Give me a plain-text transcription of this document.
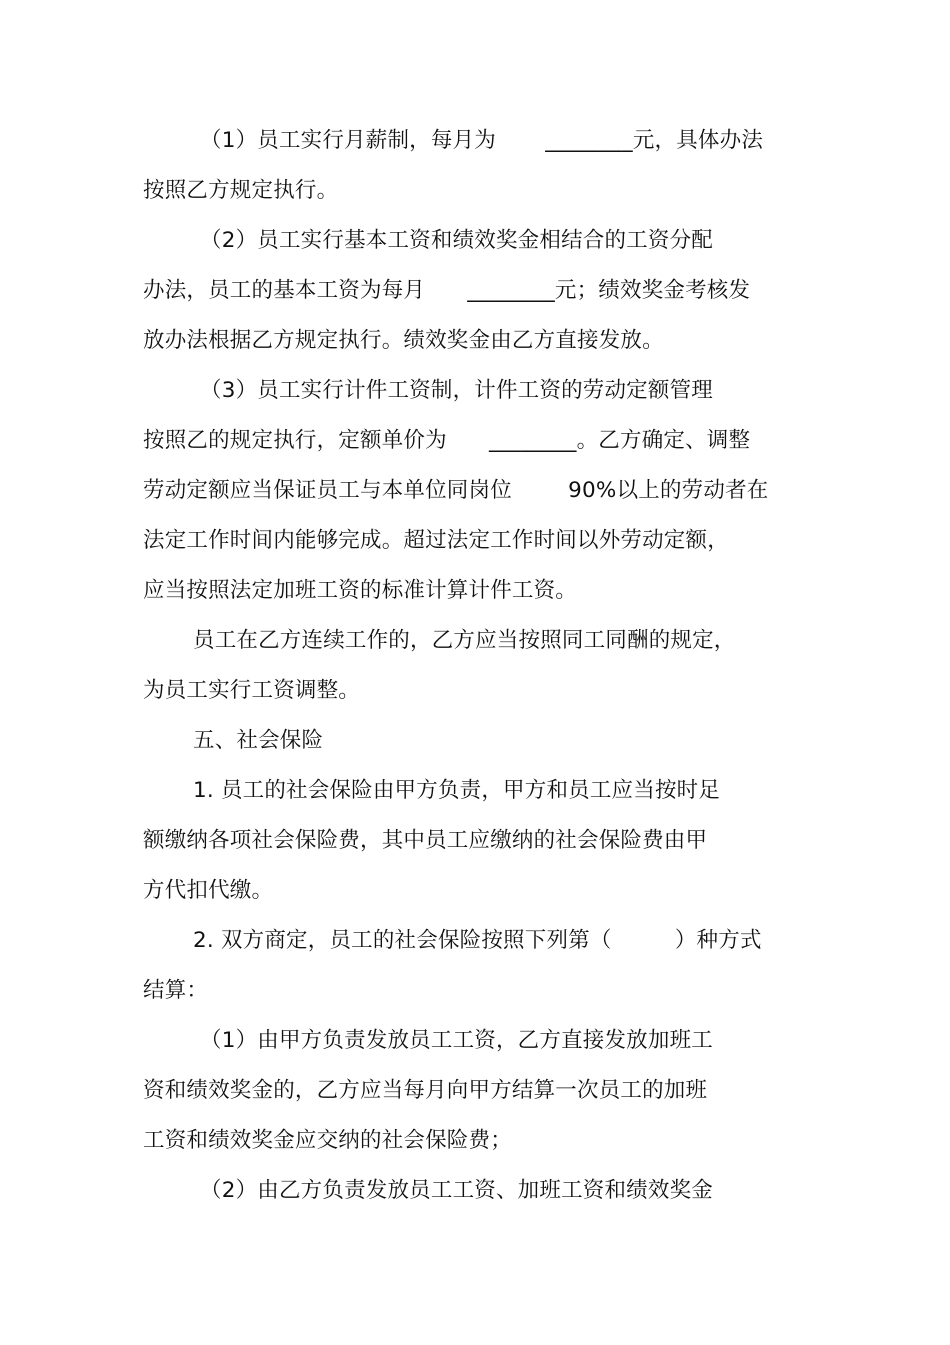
（1）员工实行月薪制，每月为       ________元，具体办法
按照乙方规定执行。
（2）员工实行基本工资和绩效奖金相结合的工资分配
办法，员工的基本工资为每月      ________元；绩效奖金考核发
放办法根据乙方规定执行。绩效奖金由乙方直接发放。
（3）员工实行计件工资制，计件工资的劳动定额管理
按照乙的规定执行，定额单价为      ________。乙方确定、调整
劳动定额应当保证员工与本单位同岗位        90%以上的劳动者在
法定工作时间内能够完成。超过法定工作时间以外劳动定额，
应当按照法定加班工资的标准计算计件工资。
员工在乙方连续工作的，乙方应当按照同工同酬的规定，
为员工实行工资调整。
五、社会保险
1. 员工的社会保险由甲方负责，甲方和员工应当按时足
额缴纳各项社会保险费，其中员工应缴纳的社会保险费由甲
方代扣代缴。
2. 双方商定，员工的社会保险按照下列第（         ）种方式
结算：
（1）由甲方负责发放员工工资，乙方直接发放加班工
资和绩效奖金的，乙方应当每月向甲方结算一次员工的加班
工资和绩效奖金应交纳的社会保险费；
（2）由乙方负责发放员工工资、加班工资和绩效奖金
